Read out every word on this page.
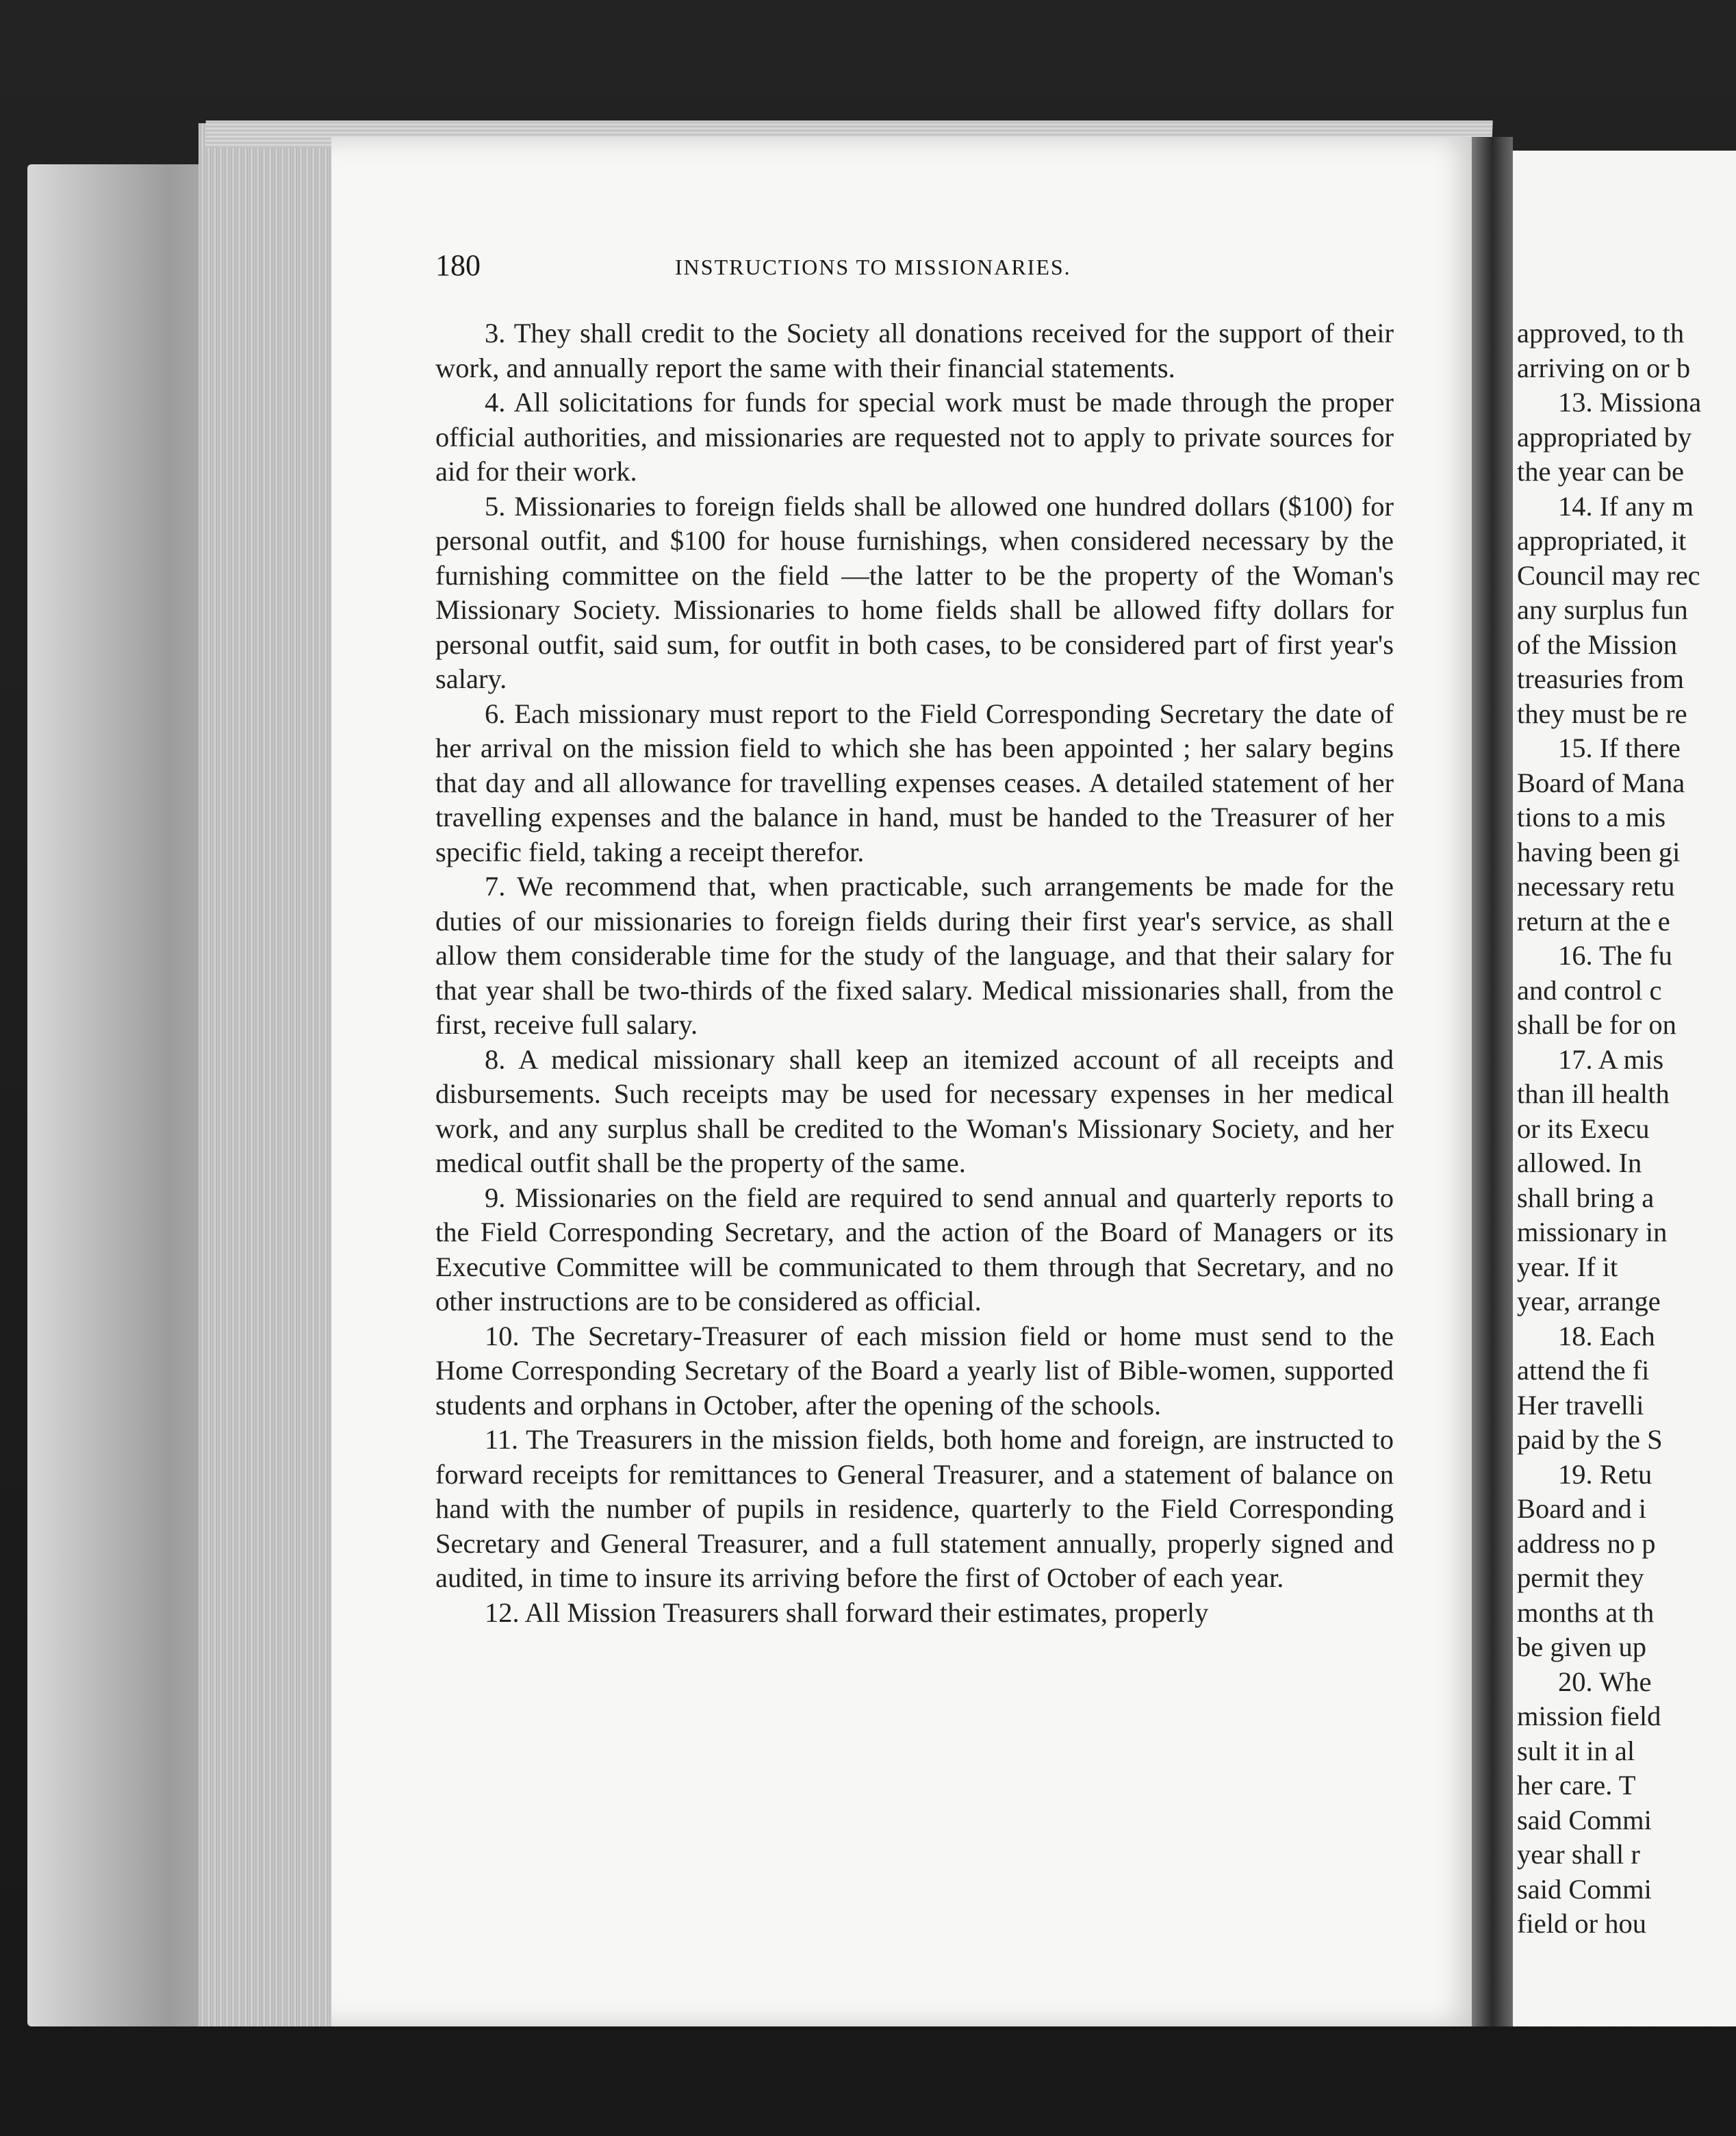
180	INSTRUCTIONS TO MISSIONARIES.

3. They shall credit to the Society all donations received for the support of their work, and annually report the same with their financial statements.

4. All solicitations for funds for special work must be made through the proper official authorities, and missionaries are requested not to apply to private sources for aid for their work.

5. Missionaries to foreign fields shall be allowed one hundred dollars ($100) for personal outfit, and $100 for house furnishings, when considered necessary by the furnishing committee on the field —the latter to be the property of the Woman's Missionary Society. Missionaries to home fields shall be allowed fifty dollars for personal outfit, said sum, for outfit in both cases, to be considered part of first year's salary.

6. Each missionary must report to the Field Corresponding Secretary the date of her arrival on the mission field to which she has been appointed ; her salary begins that day and all allowance for travelling expenses ceases. A detailed statement of her travelling expenses and the balance in hand, must be handed to the Treasurer of her specific field, taking a receipt therefor.

7. We recommend that, when practicable, such arrangements be made for the duties of our missionaries to foreign fields during their first year's service, as shall allow them considerable time for the study of the language, and that their salary for that year shall be two-thirds of the fixed salary. Medical missionaries shall, from the first, receive full salary.

8. A medical missionary shall keep an itemized account of all receipts and disbursements. Such receipts may be used for necessary expenses in her medical work, and any surplus shall be credited to the Woman's Missionary Society, and her medical outfit shall be the property of the same.

9. Missionaries on the field are required to send annual and quarterly reports to the Field Corresponding Secretary, and the action of the Board of Managers or its Executive Committee will be communicated to them through that Secretary, and no other instructions are to be considered as official.

10. The Secretary-Treasurer of each mission field or home must send to the Home Corresponding Secretary of the Board a yearly list of Bible-women, supported students and orphans in October, after the opening of the schools.

11. The Treasurers in the mission fields, both home and foreign, are instructed to forward receipts for remittances to General Treasurer, and a statement of balance on hand with the number of pupils in residence, quarterly to the Field Corresponding Secretary and General Treasurer, and a full statement annually, properly signed and audited, in time to insure its arriving before the first of October of each year.

12. All Mission Treasurers shall forward their estimates, properly

approved, to th
arriving on or b
13. Missiona
appropriated by
the year can be
14. If any m
appropriated, it
Council may rec
any surplus fun
of the Mission
treasuries from
they must be re
15. If there
Board of Mana
tions to a mis
having been gi
necessary retu
return at the e
16. The fu
and control c
shall be for on
17. A mis
than ill health
or its Execu
allowed. In
shall bring a
missionary in
year. If it
year, arrange
18. Each
attend the fi
Her travelli
paid by the S
19. Retu
Board and i
address no p
permit they
months at th
be given up
20. Whe
mission field
sult it in al
her care. T
said Commi
year shall r
said Commi
field or hou
